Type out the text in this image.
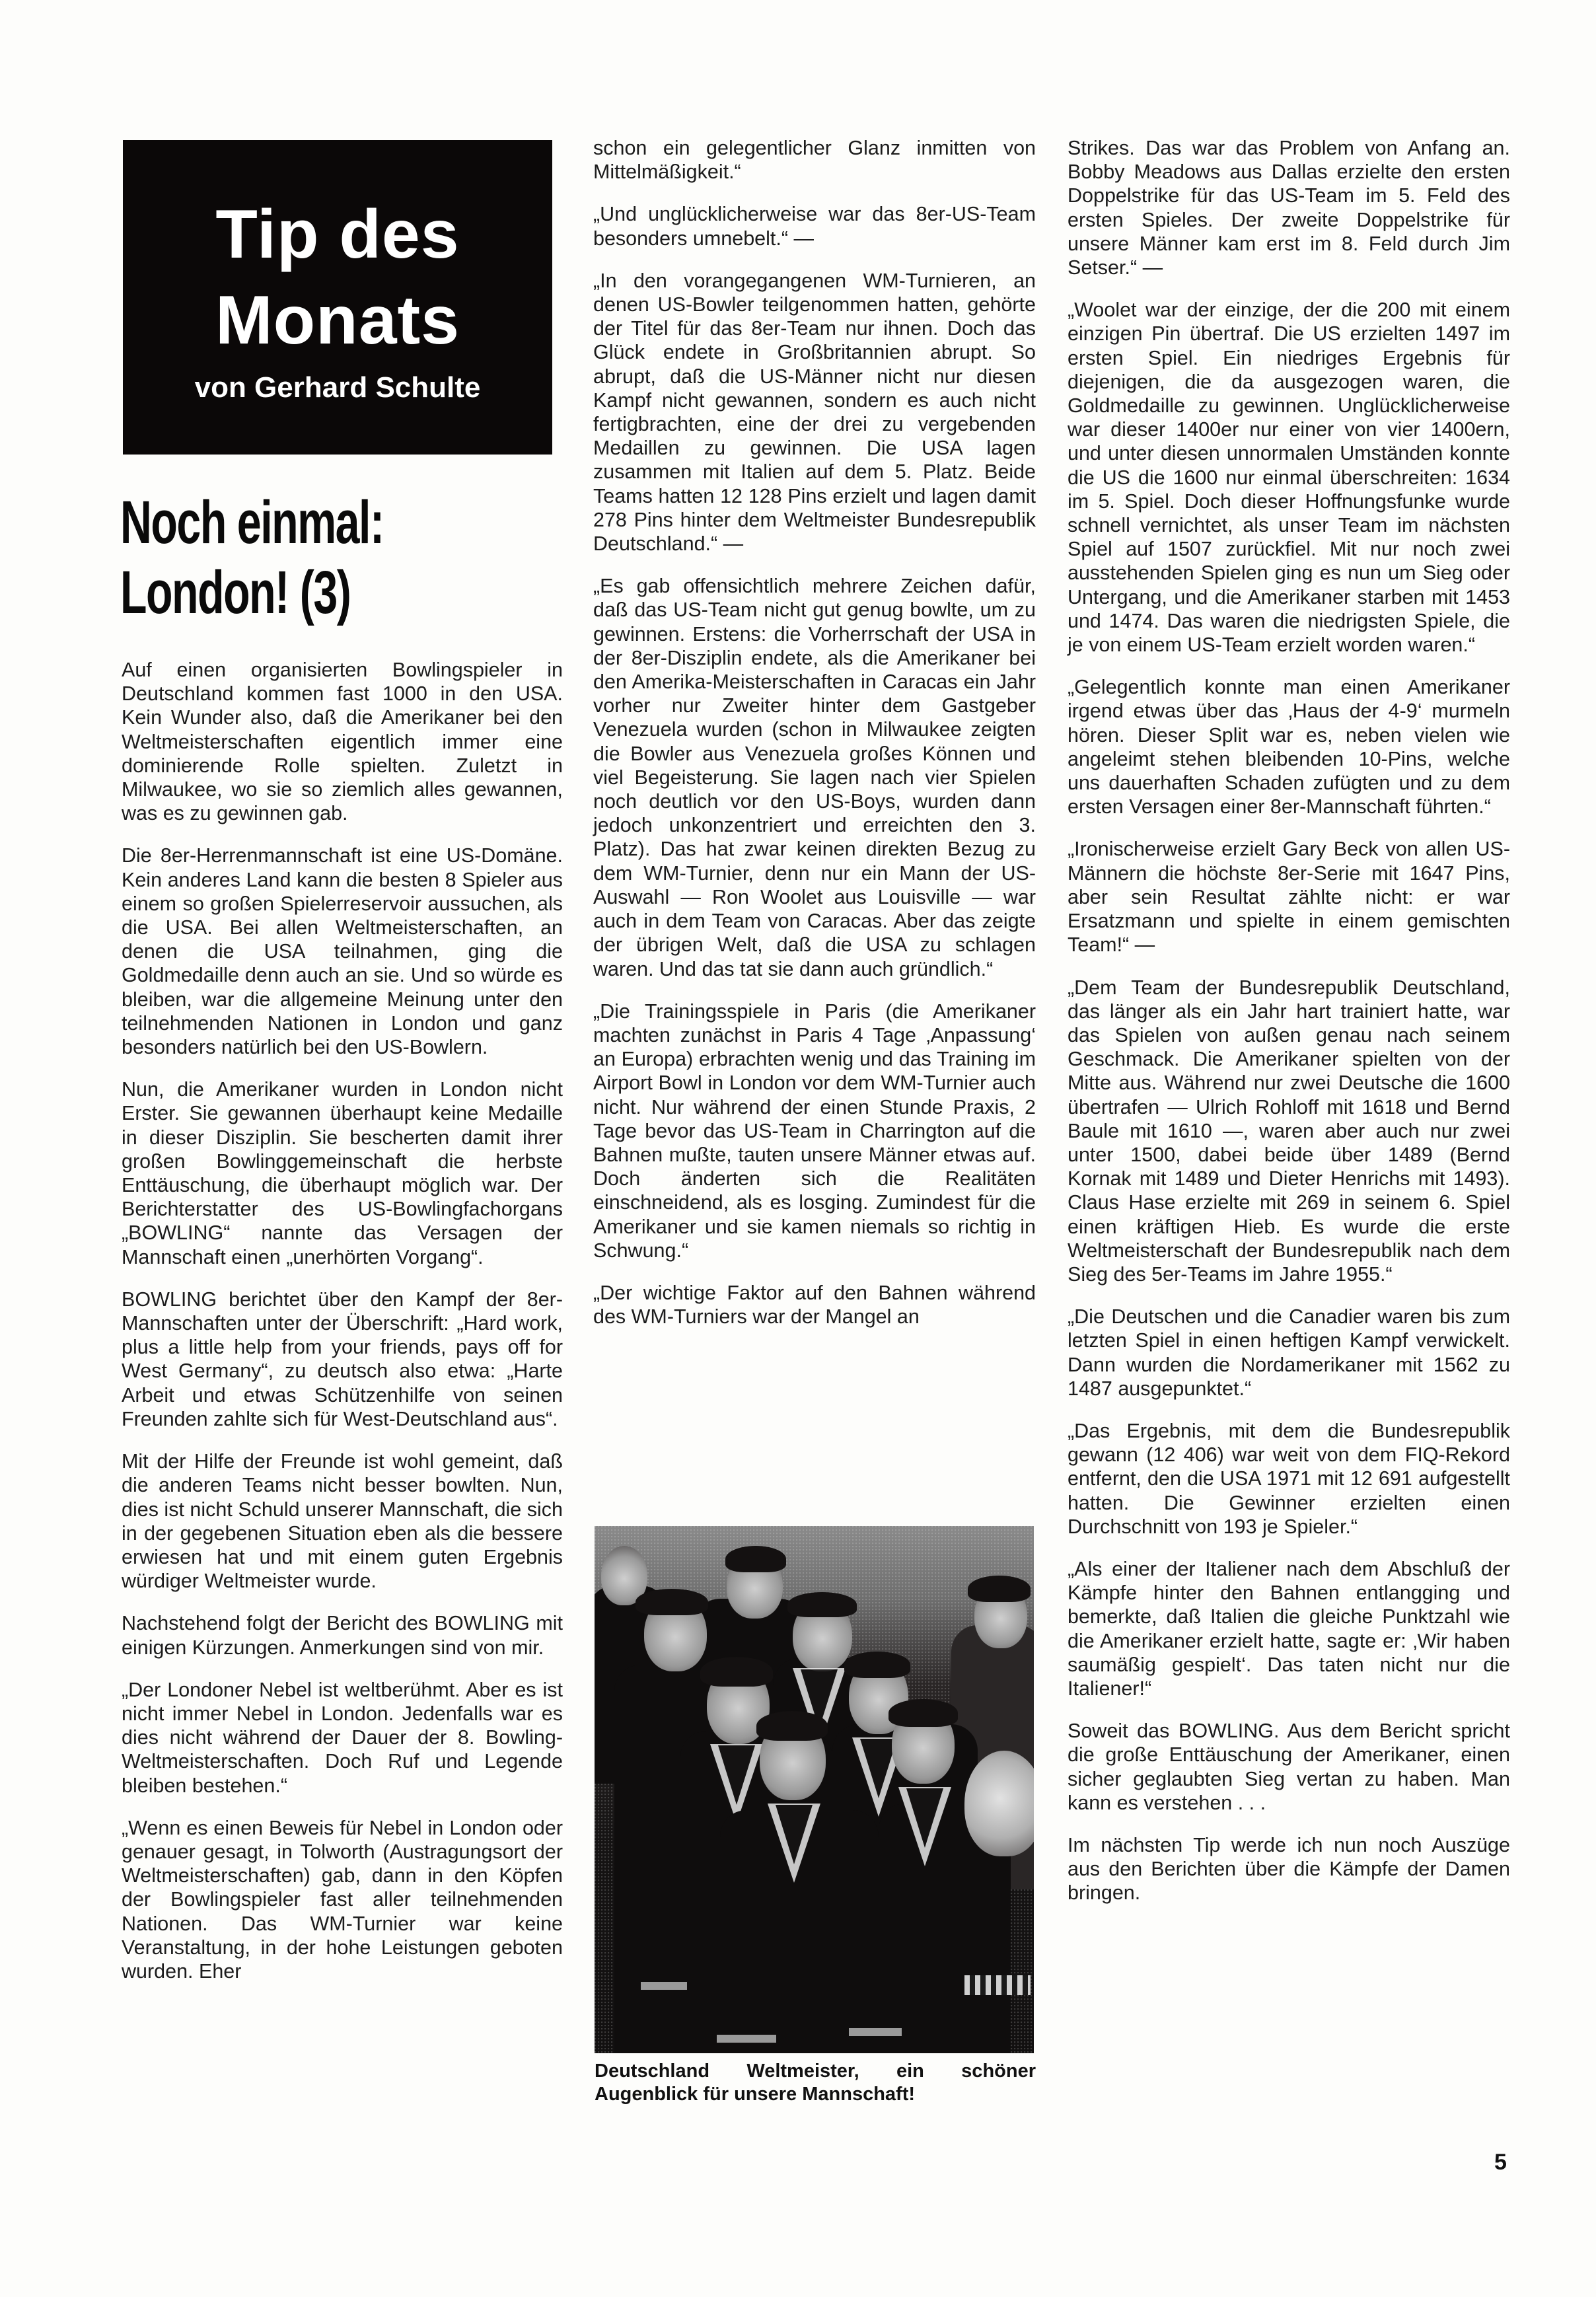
Tip des
Monats
von Gerhard Schulte
Noch einmal:
London! (3)

Auf einen organisierten Bowlingspieler in Deutschland kommen fast 1000 in den USA. Kein Wunder also, daß die Amerikaner bei den Weltmeisterschaften eigentlich immer eine dominierende Rolle spielten. Zuletzt in Milwaukee, wo sie so ziemlich alles gewannen, was es zu gewinnen gab.

Die 8er-Herrenmannschaft ist eine US-Domäne. Kein anderes Land kann die besten 8 Spieler aus einem so großen Spielerreservoir aussuchen, als die USA. Bei allen Weltmeisterschaften, an denen die USA teilnahmen, ging die Goldmedaille denn auch an sie. Und so würde es bleiben, war die allgemeine Meinung unter den teilnehmenden Nationen in London und ganz besonders natürlich bei den US-Bowlern.

Nun, die Amerikaner wurden in London nicht Erster. Sie gewannen überhaupt keine Medaille in dieser Disziplin. Sie bescherten damit ihrer großen Bowlinggemeinschaft die herbste Enttäuschung, die überhaupt möglich war. Der Berichterstatter des US-Bowlingfachorgans „BOWLING“ nannte das Versagen der Mannschaft einen „unerhörten Vorgang“.

BOWLING berichtet über den Kampf der 8er-Mannschaften unter der Überschrift: „Hard work, plus a little help from your friends, pays off for West Germany“, zu deutsch also etwa: „Harte Arbeit und etwas Schützenhilfe von seinen Freunden zahlte sich für West-Deutschland aus“.

Mit der Hilfe der Freunde ist wohl gemeint, daß die anderen Teams nicht besser bowlten. Nun, dies ist nicht Schuld unserer Mannschaft, die sich in der gegebenen Situation eben als die bessere erwiesen hat und mit einem guten Ergebnis würdiger Weltmeister wurde.

Nachstehend folgt der Bericht des BOWLING mit einigen Kürzungen. Anmerkungen sind von mir.

„Der Londoner Nebel ist weltberühmt. Aber es ist nicht immer Nebel in London. Jedenfalls war es dies nicht während der Dauer der 8. Bowling-Weltmeisterschaften. Doch Ruf und Legende bleiben bestehen.“

„Wenn es einen Beweis für Nebel in London oder genauer gesagt, in Tolworth (Austragungsort der Weltmeisterschaften) gab, dann in den Köpfen der Bowlingspieler fast aller teilnehmenden Nationen. Das WM-Turnier war keine Veranstaltung, in der hohe Leistungen geboten wurden. Eher

schon ein gelegentlicher Glanz inmitten von Mittelmäßigkeit.“

„Und unglücklicherweise war das 8er-US-Team besonders umnebelt.“ —

„In den vorangegangenen WM-Turnieren, an denen US-Bowler teilgenommen hatten, gehörte der Titel für das 8er-Team nur ihnen. Doch das Glück endete in Großbritannien abrupt. So abrupt, daß die US-Männer nicht nur diesen Kampf nicht gewannen, sondern es auch nicht fertigbrachten, eine der drei zu vergebenden Medaillen zu gewinnen. Die USA lagen zusammen mit Italien auf dem 5. Platz. Beide Teams hatten 12 128 Pins erzielt und lagen damit 278 Pins hinter dem Weltmeister Bundesrepublik Deutschland.“ —

„Es gab offensichtlich mehrere Zeichen dafür, daß das US-Team nicht gut genug bowlte, um zu gewinnen. Erstens: die Vorherrschaft der USA in der 8er-Disziplin endete, als die Amerikaner bei den Amerika-Meisterschaften in Caracas ein Jahr vorher nur Zweiter hinter dem Gastgeber Venezuela wurden (schon in Milwaukee zeigten die Bowler aus Venezuela großes Können und viel Begeisterung. Sie lagen nach vier Spielen noch deutlich vor den US-Boys, wurden dann jedoch unkonzentriert und erreichten den 3. Platz). Das hat zwar keinen direkten Bezug zu dem WM-Turnier, denn nur ein Mann der US-Auswahl — Ron Woolet aus Louisville — war auch in dem Team von Caracas. Aber das zeigte der übrigen Welt, daß die USA zu schlagen waren. Und das tat sie dann auch gründlich.“

„Die Trainingsspiele in Paris (die Amerikaner machten zunächst in Paris 4 Tage ‚Anpassung‘ an Europa) erbrachten wenig und das Training im Airport Bowl in London vor dem WM-Turnier auch nicht. Nur während der einen Stunde Praxis, 2 Tage bevor das US-Team in Charrington auf die Bahnen mußte, tauten unsere Männer etwas auf. Doch änderten sich die Realitäten einschneidend, als es losging. Zumindest für die Amerikaner und sie kamen niemals so richtig in Schwung.“

„Der wichtige Faktor auf den Bahnen während des WM-Turniers war der Mangel an

Deutschland Weltmeister, ein schöner
Augenblick für unsere Mannschaft!

Strikes. Das war das Problem von Anfang an. Bobby Meadows aus Dallas erzielte den ersten Doppelstrike für das US-Team im 5. Feld des ersten Spieles. Der zweite Doppelstrike für unsere Männer kam erst im 8. Feld durch Jim Setser.“ —

„Woolet war der einzige, der die 200 mit einem einzigen Pin übertraf. Die US erzielten 1497 im ersten Spiel. Ein niedriges Ergebnis für diejenigen, die da ausgezogen waren, die Goldmedaille zu gewinnen. Unglücklicherweise war dieser 1400er nur einer von vier 1400ern, und unter diesen unnormalen Umständen konnte die US die 1600 nur einmal überschreiten: 1634 im 5. Spiel. Doch dieser Hoffnungsfunke wurde schnell vernichtet, als unser Team im nächsten Spiel auf 1507 zurückfiel. Mit nur noch zwei ausstehenden Spielen ging es nun um Sieg oder Untergang, und die Amerikaner starben mit 1453 und 1474. Das waren die niedrigsten Spiele, die je von einem US-Team erzielt worden waren.“

„Gelegentlich konnte man einen Amerikaner irgend etwas über das ‚Haus der 4-9‘ murmeln hören. Dieser Split war es, neben vielen wie angeleimt stehen bleibenden 10-Pins, welche uns dauerhaften Schaden zufügten und zu dem ersten Versagen einer 8er-Mannschaft führten.“

„Ironischerweise erzielt Gary Beck von allen US-Männern die höchste 8er-Serie mit 1647 Pins, aber sein Resultat zählte nicht: er war Ersatzmann und spielte in einem gemischten Team!“ —

„Dem Team der Bundesrepublik Deutschland, das länger als ein Jahr hart trainiert hatte, war das Spielen von außen genau nach seinem Geschmack. Die Amerikaner spielten von der Mitte aus. Während nur zwei Deutsche die 1600 übertrafen — Ulrich Rohloff mit 1618 und Bernd Baule mit 1610 —, waren aber auch nur zwei unter 1500, dabei beide über 1489 (Bernd Kornak mit 1489 und Dieter Henrichs mit 1493). Claus Hase erzielte mit 269 in seinem 6. Spiel einen kräftigen Hieb. Es wurde die erste Weltmeisterschaft der Bundesrepublik nach dem Sieg des 5er-Teams im Jahre 1955.“

„Die Deutschen und die Canadier waren bis zum letzten Spiel in einen heftigen Kampf verwickelt. Dann wurden die Nordamerikaner mit 1562 zu 1487 ausgepunktet.“

„Das Ergebnis, mit dem die Bundesrepublik gewann (12 406) war weit von dem FIQ-Rekord entfernt, den die USA 1971 mit 12 691 aufgestellt hatten. Die Gewinner erzielten einen Durchschnitt von 193 je Spieler.“

„Als einer der Italiener nach dem Abschluß der Kämpfe hinter den Bahnen entlangging und bemerkte, daß Italien die gleiche Punktzahl wie die Amerikaner erzielt hatte, sagte er: ‚Wir haben saumäßig gespielt‘. Das taten nicht nur die Italiener!“

Soweit das BOWLING. Aus dem Bericht spricht die große Enttäuschung der Amerikaner, einen sicher geglaubten Sieg vertan zu haben. Man kann es verstehen . . .

Im nächsten Tip werde ich nun noch Auszüge aus den Berichten über die Kämpfe der Damen bringen.

5
